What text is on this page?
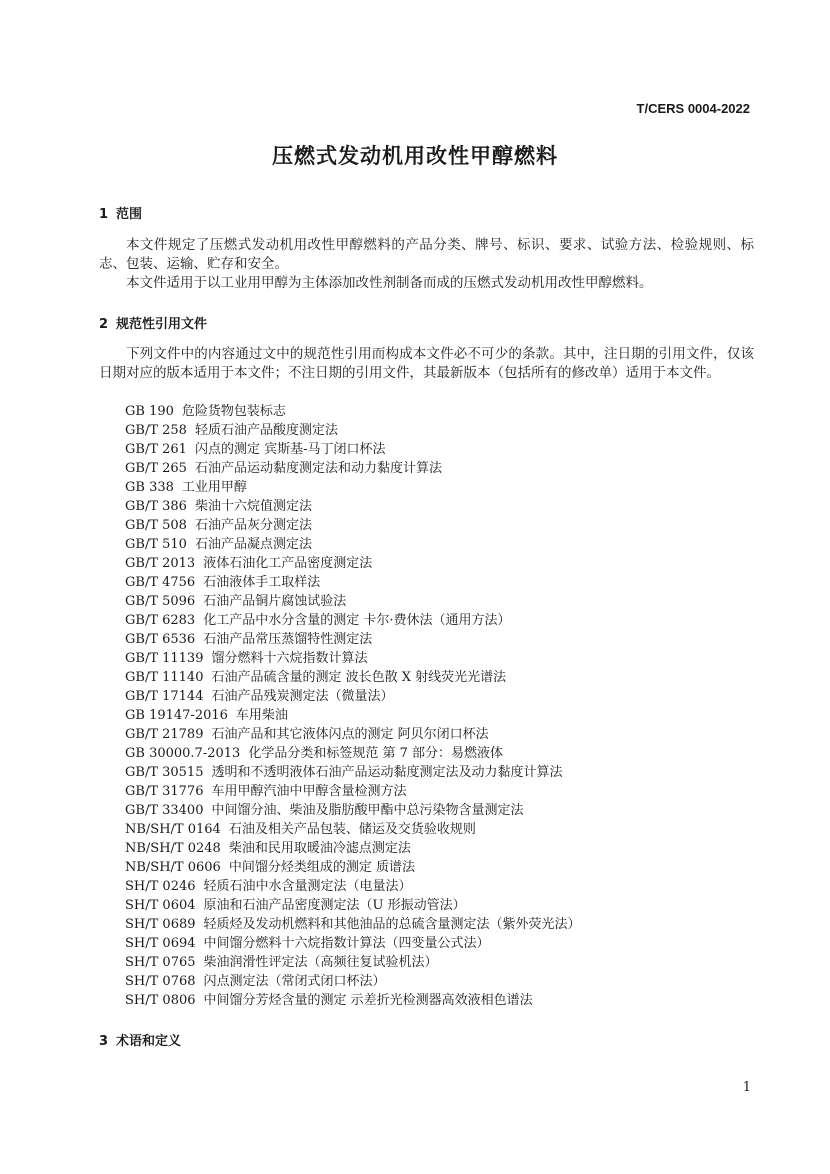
T/CERS 0004-2022
压燃式发动机用改性甲醇燃料
1 范围

本文件规定了压燃式发动机用改性甲醇燃料的产品分类、牌号、标识、要求、试验方法、检验规则、标志、包装、运输、贮存和安全。

本文件适用于以工业用甲醇为主体添加改性剂制备而成的压燃式发动机用改性甲醇燃料。

2 规范性引用文件

下列文件中的内容通过文中的规范性引用而构成本文件必不可少的条款。其中，注日期的引用文件，仅该日期对应的版本适用于本文件；不注日期的引用文件，其最新版本（包括所有的修改单）适用于本文件。

GB 190 危险货物包装标志
GB/T 258 轻质石油产品酸度测定法
GB/T 261 闪点的测定 宾斯基-马丁闭口杯法
GB/T 265 石油产品运动黏度测定法和动力黏度计算法
GB 338 工业用甲醇
GB/T 386 柴油十六烷值测定法
GB/T 508 石油产品灰分测定法
GB/T 510 石油产品凝点测定法
GB/T 2013 液体石油化工产品密度测定法
GB/T 4756 石油液体手工取样法
GB/T 5096 石油产品铜片腐蚀试验法
GB/T 6283 化工产品中水分含量的测定 卡尔·费休法（通用方法）
GB/T 6536 石油产品常压蒸馏特性测定法
GB/T 11139 馏分燃料十六烷指数计算法
GB/T 11140 石油产品硫含量的测定 波长色散 X 射线荧光光谱法
GB/T 17144 石油产品残炭测定法（微量法）
GB 19147-2016 车用柴油
GB/T 21789 石油产品和其它液体闪点的测定 阿贝尔闭口杯法
GB 30000.7-2013 化学品分类和标签规范 第 7 部分：易燃液体
GB/T 30515 透明和不透明液体石油产品运动黏度测定法及动力黏度计算法
GB/T 31776 车用甲醇汽油中甲醇含量检测方法
GB/T 33400 中间馏分油、柴油及脂肪酸甲酯中总污染物含量测定法
NB/SH/T 0164 石油及相关产品包装、储运及交货验收规则
NB/SH/T 0248 柴油和民用取暖油冷滤点测定法
NB/SH/T 0606 中间馏分烃类组成的测定 质谱法
SH/T 0246 轻质石油中水含量测定法（电量法）
SH/T 0604 原油和石油产品密度测定法（U 形振动管法）
SH/T 0689 轻质烃及发动机燃料和其他油品的总硫含量测定法（紫外荧光法）
SH/T 0694 中间馏分燃料十六烷指数计算法（四变量公式法）
SH/T 0765 柴油润滑性评定法（高频往复试验机法）
SH/T 0768 闪点测定法（常闭式闭口杯法）
SH/T 0806 中间馏分芳烃含量的测定 示差折光检测器高效液相色谱法
3 术语和定义
1
